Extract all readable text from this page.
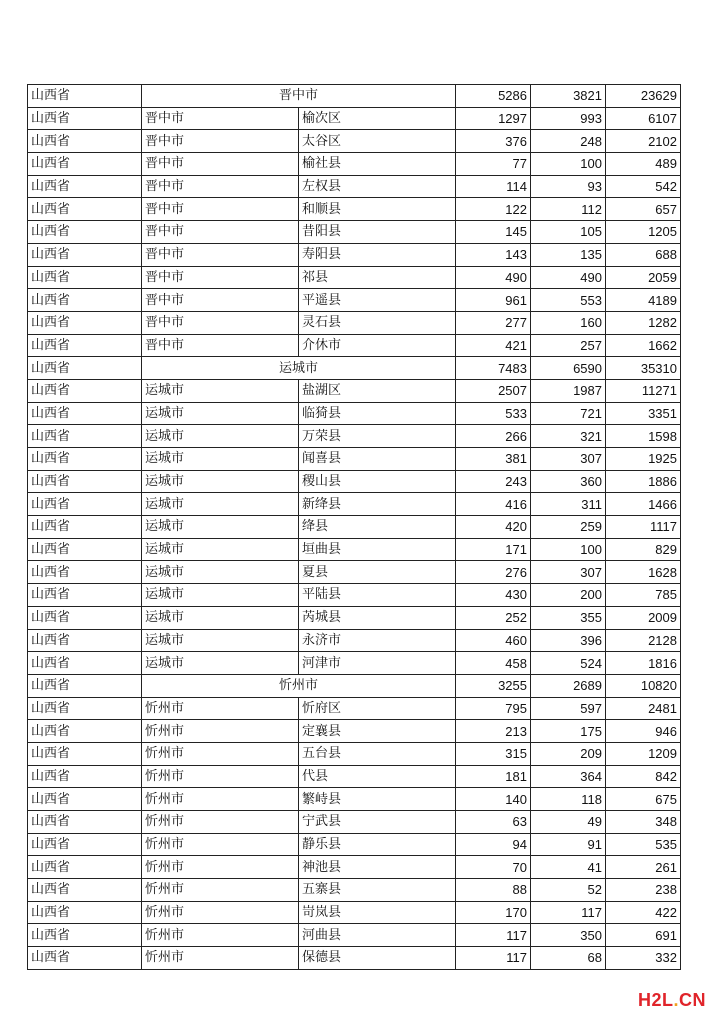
山西省	晋中市		5286	3821	23629
山西省	晋中市	榆次区	1297	993	6107
山西省	晋中市	太谷区	376	248	2102
山西省	晋中市	榆社县	77	100	489
山西省	晋中市	左权县	114	93	542
山西省	晋中市	和顺县	122	112	657
山西省	晋中市	昔阳县	145	105	1205
山西省	晋中市	寿阳县	143	135	688
山西省	晋中市	祁县	490	490	2059
山西省	晋中市	平遥县	961	553	4189
山西省	晋中市	灵石县	277	160	1282
山西省	晋中市	介休市	421	257	1662
山西省	运城市		7483	6590	35310
山西省	运城市	盐湖区	2507	1987	11271
山西省	运城市	临猗县	533	721	3351
山西省	运城市	万荣县	266	321	1598
山西省	运城市	闻喜县	381	307	1925
山西省	运城市	稷山县	243	360	1886
山西省	运城市	新绛县	416	311	1466
山西省	运城市	绛县	420	259	1117
山西省	运城市	垣曲县	171	100	829
山西省	运城市	夏县	276	307	1628
山西省	运城市	平陆县	430	200	785
山西省	运城市	芮城县	252	355	2009
山西省	运城市	永济市	460	396	2128
山西省	运城市	河津市	458	524	1816
山西省	忻州市		3255	2689	10820
山西省	忻州市	忻府区	795	597	2481
山西省	忻州市	定襄县	213	175	946
山西省	忻州市	五台县	315	209	1209
山西省	忻州市	代县	181	364	842
山西省	忻州市	繁峙县	140	118	675
山西省	忻州市	宁武县	63	49	348
山西省	忻州市	静乐县	94	91	535
山西省	忻州市	神池县	70	41	261
山西省	忻州市	五寨县	88	52	238
山西省	忻州市	岢岚县	170	117	422
山西省	忻州市	河曲县	117	350	691
山西省	忻州市	保德县	117	68	332
H2L.CN
